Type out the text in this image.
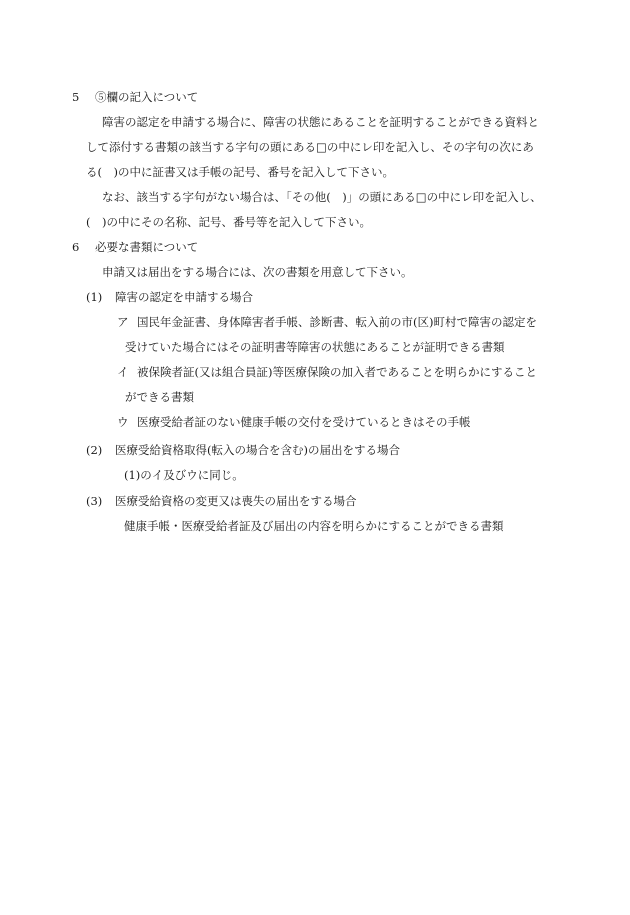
5 ⑤欄の記入について
障害の認定を申請する場合に、障害の状態にあることを証明することができる資料と
して添付する書類の該当する字句の頭にある□の中にレ印を記入し、その字句の次にあ
る(　)の中に証書又は手帳の記号、番号を記入して下さい。
なお、該当する字句がない場合は、「その他(　)」の頭にある□の中にレ印を記入し、
(　)の中にその名称、記号、番号等を記入して下さい。
6 必要な書類について
申請又は届出をする場合には、次の書類を用意して下さい。
(1) 障害の認定を申請する場合
ア 国民年金証書、身体障害者手帳、診断書、転入前の市(区)町村で障害の認定を
受けていた場合にはその証明書等障害の状態にあることが証明できる書類
イ 被保険者証(又は組合員証)等医療保険の加入者であることを明らかにすること
ができる書類
ウ 医療受給者証のない健康手帳の交付を受けているときはその手帳
(2) 医療受給資格取得(転入の場合を含む)の届出をする場合
(1)のイ及びウに同じ。
(3) 医療受給資格の変更又は喪失の届出をする場合
健康手帳・医療受給者証及び届出の内容を明らかにすることができる書類
